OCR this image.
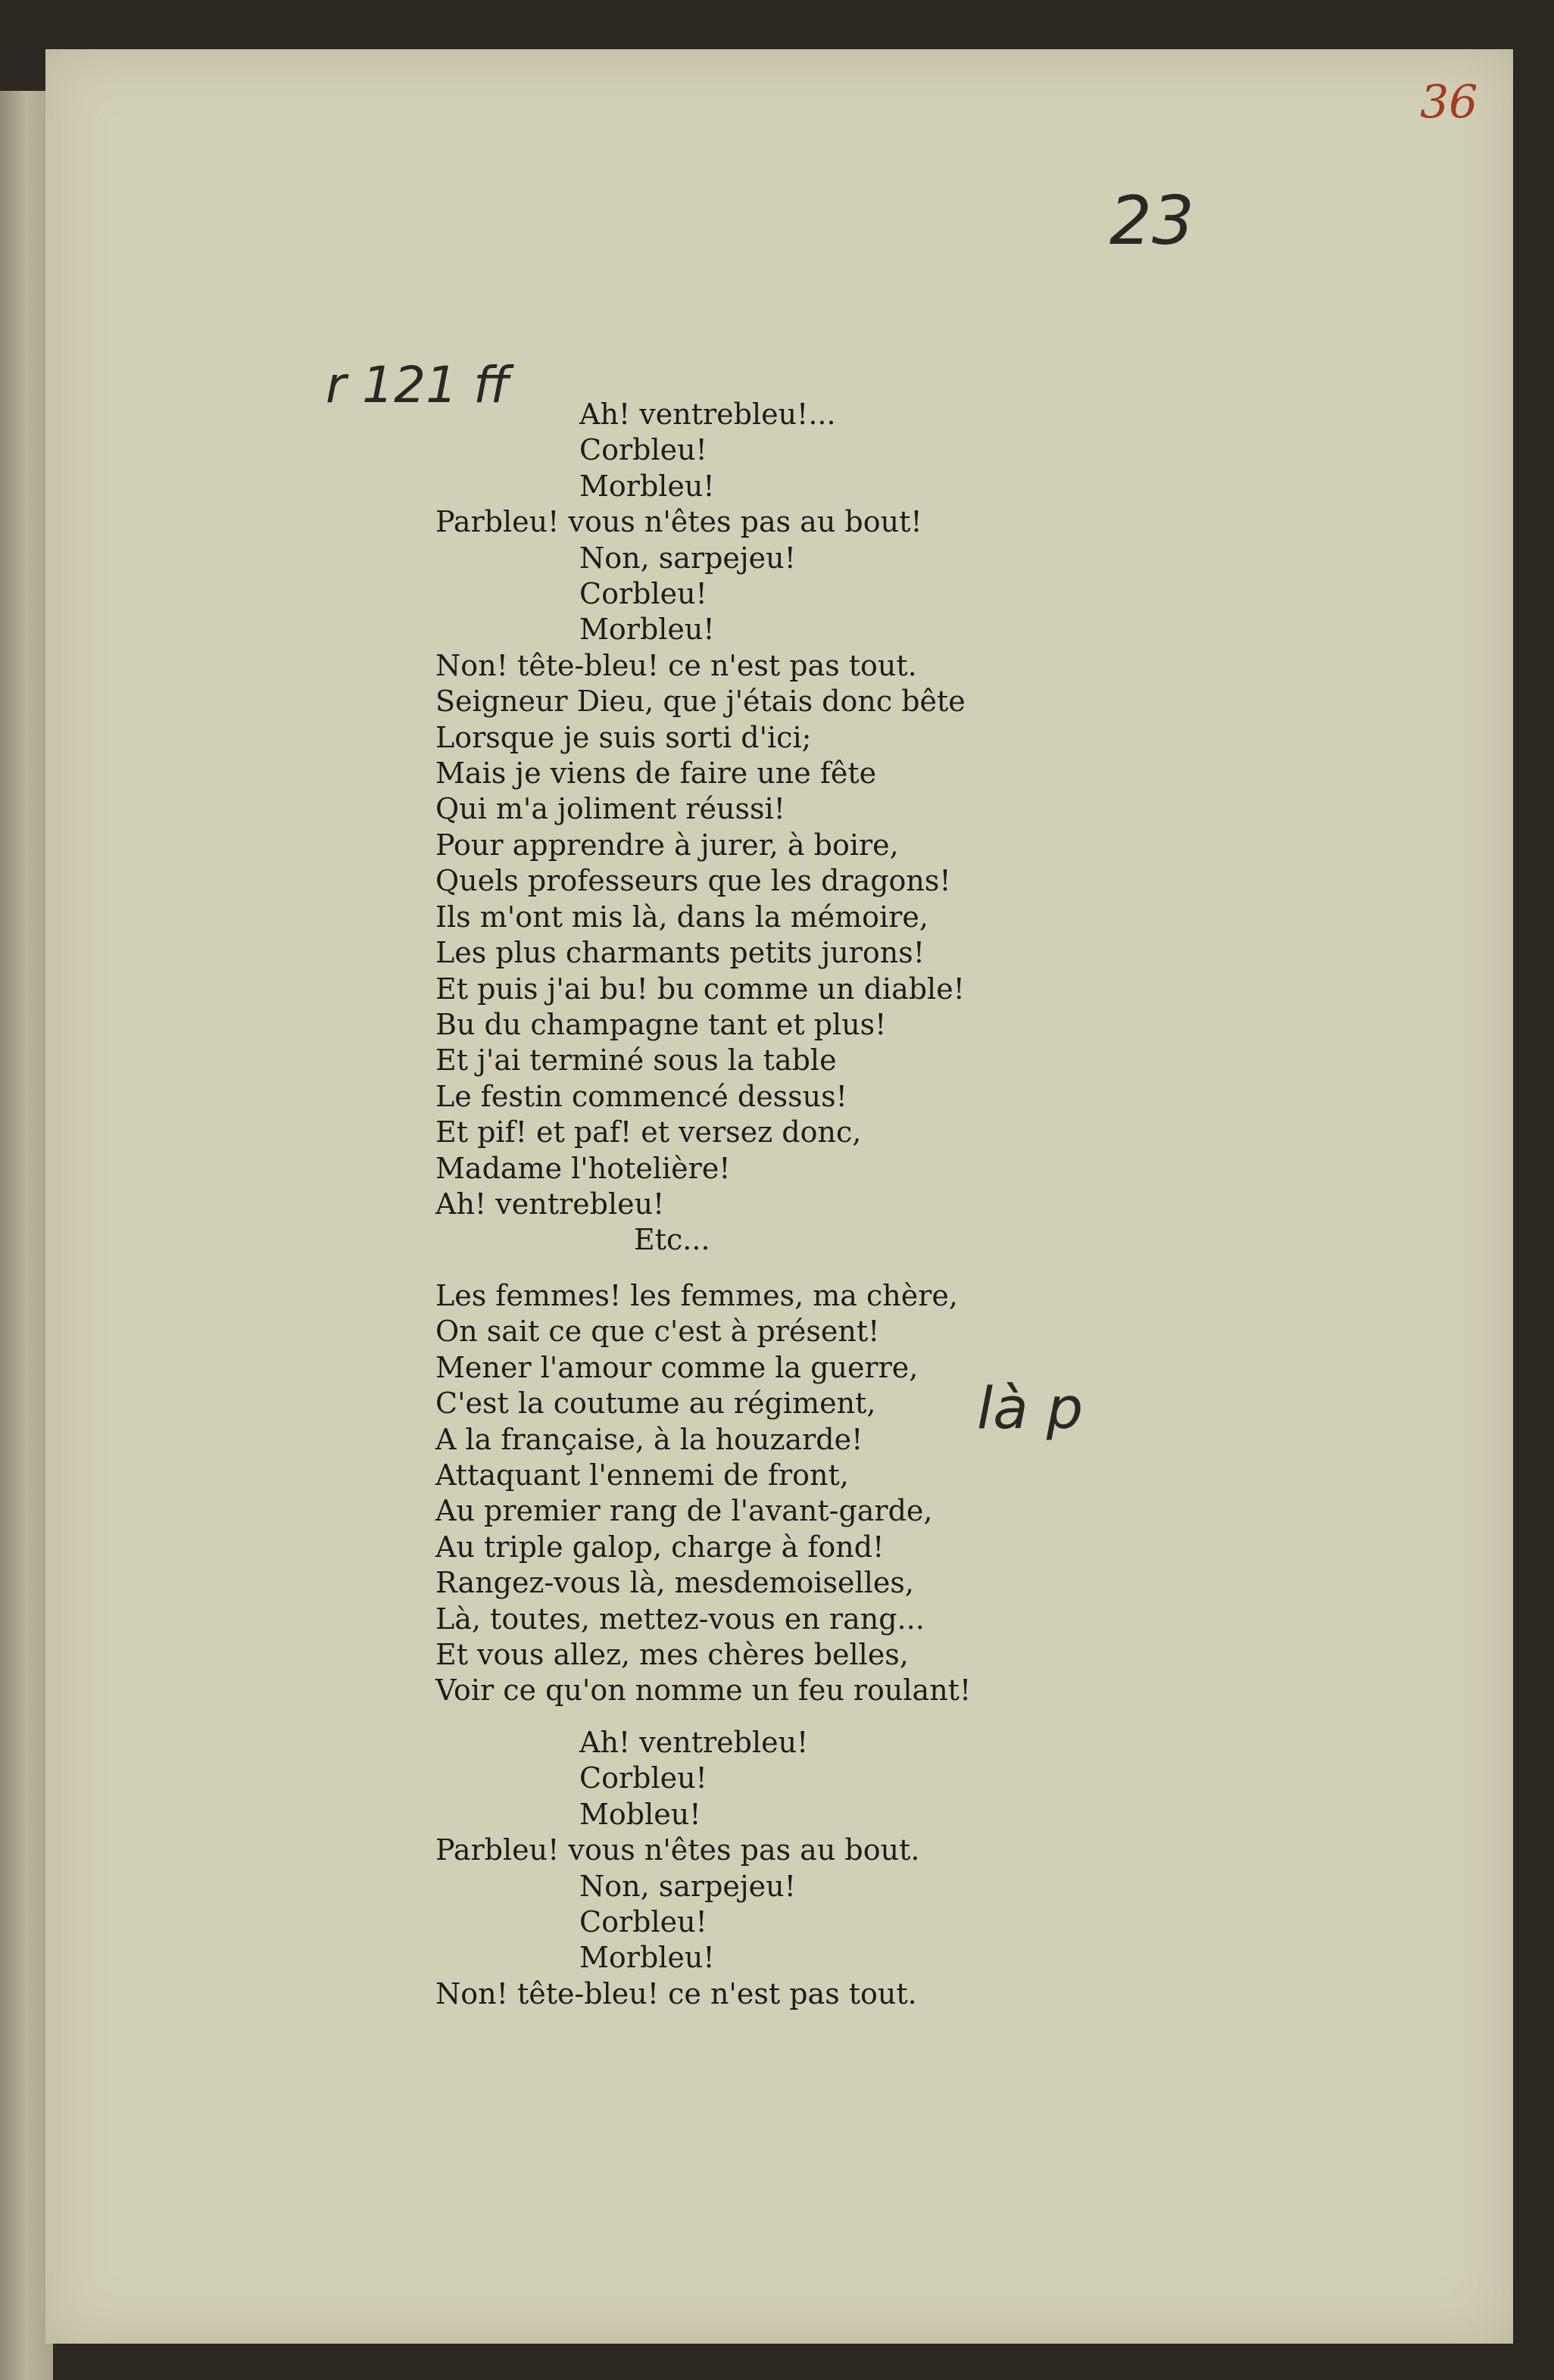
36
23
r 121 ff
là p
Ah! ventrebleu!...
Corbleu!
Morbleu!
Parbleu! vous n'êtes pas au bout!
Non, sarpejeu!
Corbleu!
Morbleu!
Non! tête-bleu! ce n'est pas tout.
Seigneur Dieu, que j'étais donc bête
Lorsque je suis sorti d'ici;
Mais je viens de faire une fête
Qui m'a joliment réussi!
Pour apprendre à jurer, à boire,
Quels professeurs que les dragons!
Ils m'ont mis là, dans la mémoire,
Les plus charmants petits jurons!
Et puis j'ai bu! bu comme un diable!
Bu du champagne tant et plus!
Et j'ai terminé sous la table
Le festin commencé dessus!
Et pif! et paf! et versez donc,
Madame l'hotelière!
Ah! ventrebleu!
Etc...
Les femmes! les femmes, ma chère,
On sait ce que c'est à présent!
Mener l'amour comme la guerre,
C'est la coutume au régiment,
A la française, à la houzarde!
Attaquant l'ennemi de front,
Au premier rang de l'avant-garde,
Au triple galop, charge à fond!
Rangez-vous là, mesdemoiselles,
Là, toutes, mettez-vous en rang...
Et vous allez, mes chères belles,
Voir ce qu'on nomme un feu roulant!
Ah! ventrebleu!
Corbleu!
Mobleu!
Parbleu! vous n'êtes pas au bout.
Non, sarpejeu!
Corbleu!
Morbleu!
Non! tête-bleu! ce n'est pas tout.
